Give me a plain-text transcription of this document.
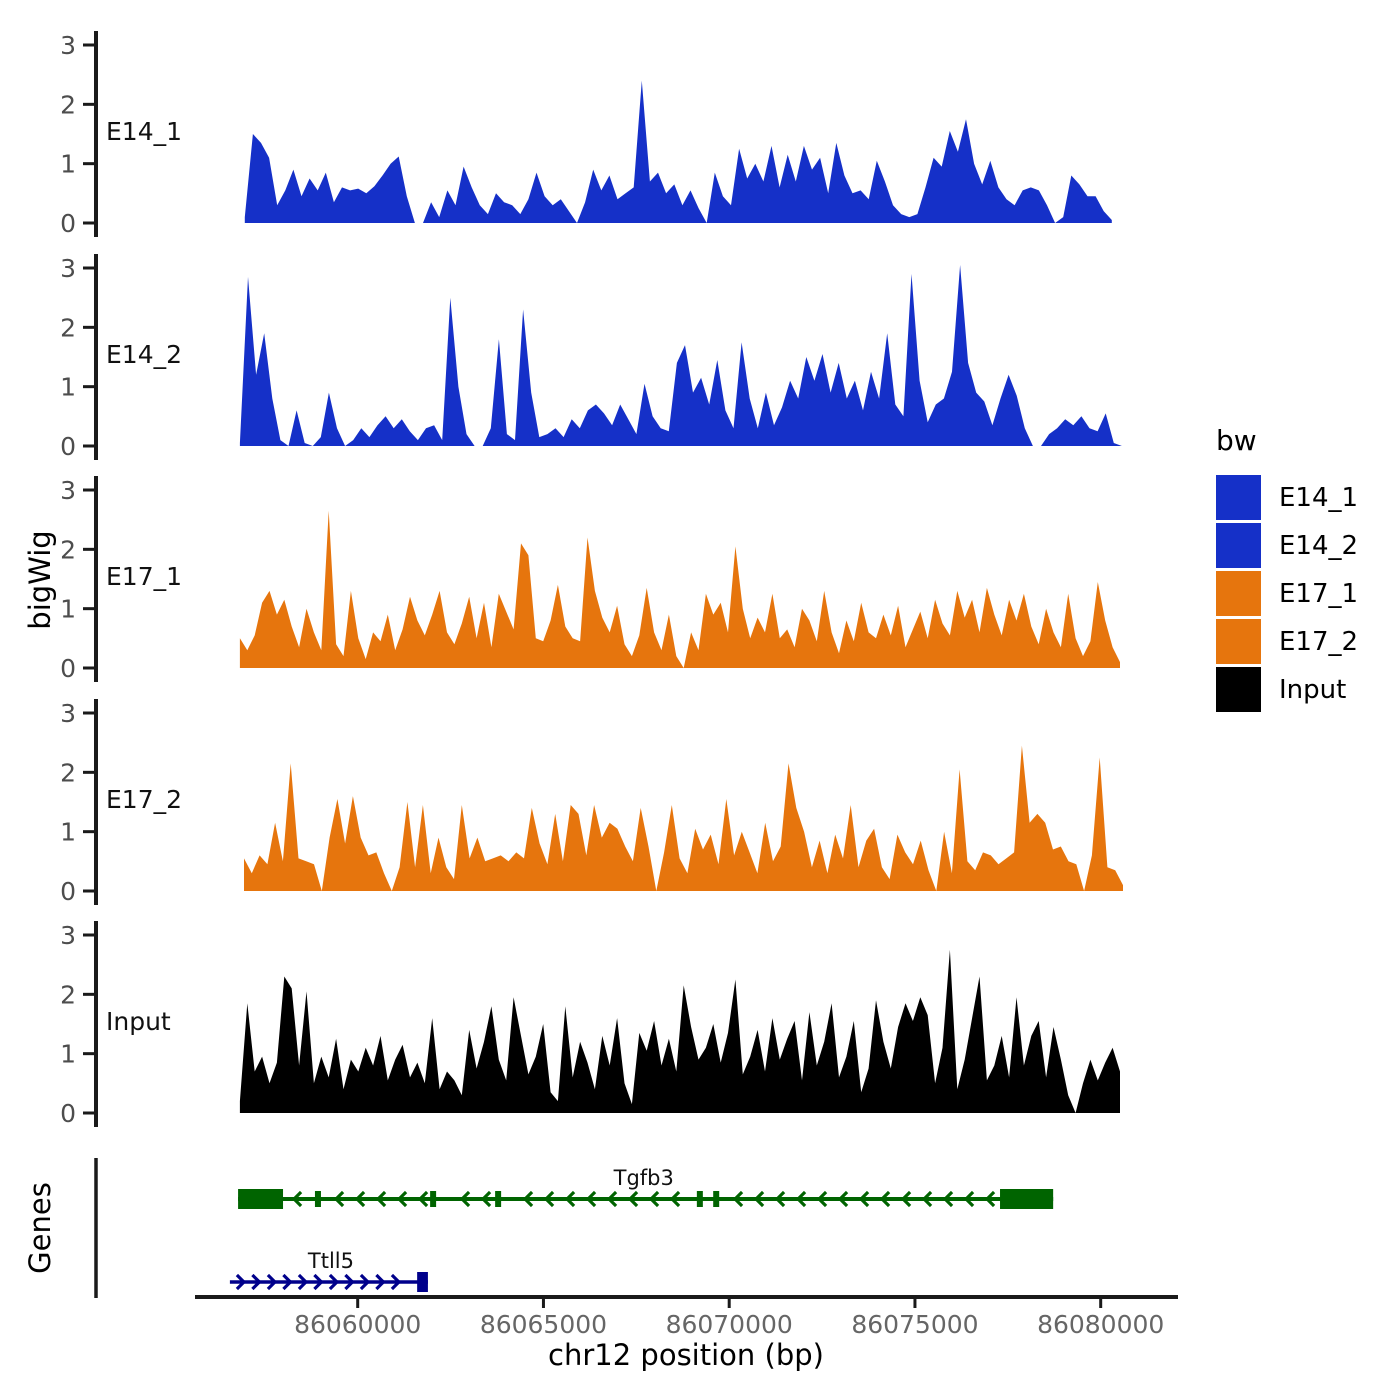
0
1
2
3
0
1
2
3
0
1
2
3
0
1
2
3
0
1
2
3
E14_1
E14_2
E17_1
E17_2
Input
bigWig
Genes
86060000 86065000 86070000 86075000 86080000
chr12 position (bp)
Tgfb3
Ttll5
bw
E14_1
E14_2
E17_1
E17_2
Input
